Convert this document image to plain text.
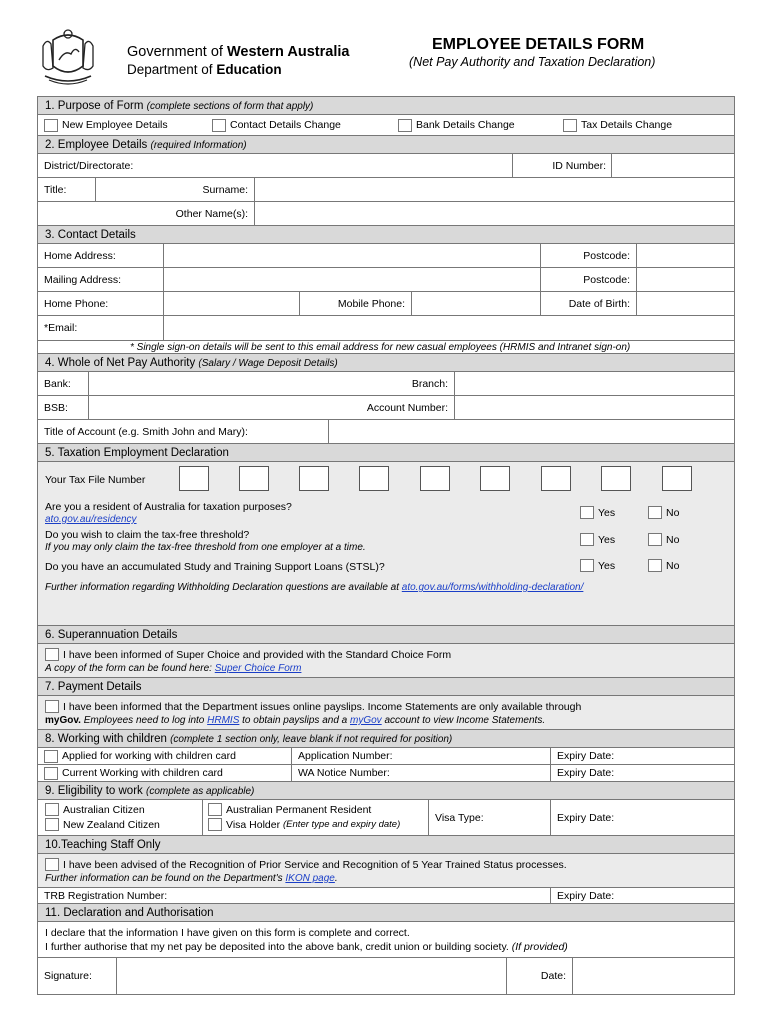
Government of Western Australia
Department of Education
EMPLOYEE DETAILS FORM
(Net Pay Authority and Taxation Declaration)
1. Purpose of Form (complete sections of form that apply)
New Employee Details	Contact Details Change	Bank Details Change	Tax Details Change
2. Employee Details (required Information)
District/Directorate:	ID Number:
Title:	Surname:
Other Name(s):
3. Contact Details
Home Address:	Postcode:
Mailing Address:	Postcode:
Home Phone:	Mobile Phone:	Date of Birth:
*Email:
* Single sign-on details will be sent to this email address for new casual employees (HRMIS and Intranet sign-on)
4. Whole of Net Pay Authority (Salary / Wage Deposit Details)
Bank:	Branch:
BSB:	Account Number:
Title of Account (e.g. Smith John and Mary):
5. Taxation Employment Declaration
Your Tax File Number
Are you a resident of Australia for taxation purposes?
ato.gov.au/residency
Yes	No
Do you wish to claim the tax-free threshold?
If you may only claim the tax-free threshold from one employer at a time.
Yes	No
Do you have an accumulated Study and Training Support Loans (STSL)?	Yes	No
Further information regarding Withholding Declaration questions are available at ato.gov.au/forms/withholding-declaration/
6. Superannuation Details
I have been informed of Super Choice and provided with the Standard Choice Form
A copy of the form can be found here: Super Choice Form
7. Payment Details
I have been informed that the Department issues online payslips. Income Statements are only available through
myGov. Employees need to log into HRMIS to obtain payslips and a myGov account to view Income Statements.
8. Working with children (complete 1 section only, leave blank if not required for position)
Applied for working with children card	Application Number:	Expiry Date:
Current Working with children card	WA Notice Number:	Expiry Date:
9. Eligibility to work (complete as applicable)
Australian Citizen
New Zealand Citizen
Australian Permanent Resident
Visa Holder
(Enter type and expiry date)
Visa Type:	Expiry Date:
10.Teaching Staff Only
I have been advised of the Recognition of Prior Service and Recognition of 5 Year Trained Status processes.
Further information can be found on the Department's IKON page.
TRB Registration Number:	Expiry Date:
11. Declaration and Authorisation
I declare that the information I have given on this form is complete and correct.
I further authorise that my net pay be deposited into the above bank, credit union or building society. (If provided)
Signature:	Date:
